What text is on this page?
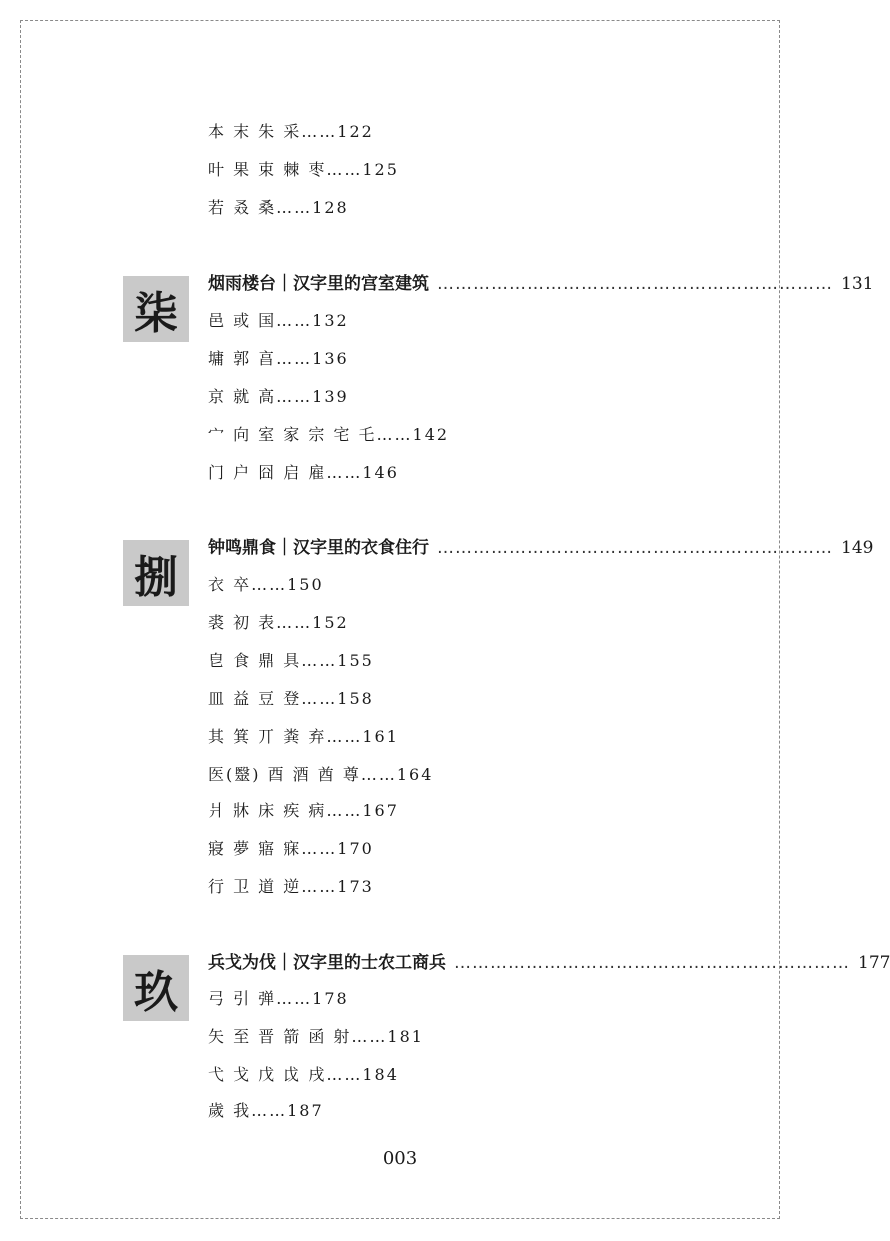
本 末 朱 采……122
叶 果 束 棘 枣……125
若 叒 桑……128
柒
烟雨楼台｜汉字里的宫室建筑 ………………………………………………………… 131
邑 或 国……132
墉 郭 亯……136
京 就 高……139
宀 向 室 家 宗 宅 乇……142
门 户 囧 启 雇……146
捌
钟鸣鼎食｜汉字里的衣食住行 ………………………………………………………… 149
衣 卒……150
裘 初 表……152
皀 食 鼎 具……155
皿 益 豆 登……158
其 箕 丌 粪 弃……161
医(毉) 酉 酒 酋 尊……164
爿 牀 床 疾 病……167
寢 夢 寤 寐……170
行 卫 道 逆……173
玖
兵戈为伐｜汉字里的士农工商兵 ………………………………………………………… 177
弓 引 弹……178
矢 至 晋 箭 函 射……181
弋 戈 戊 戉 戌……184
歲 我……187
003
